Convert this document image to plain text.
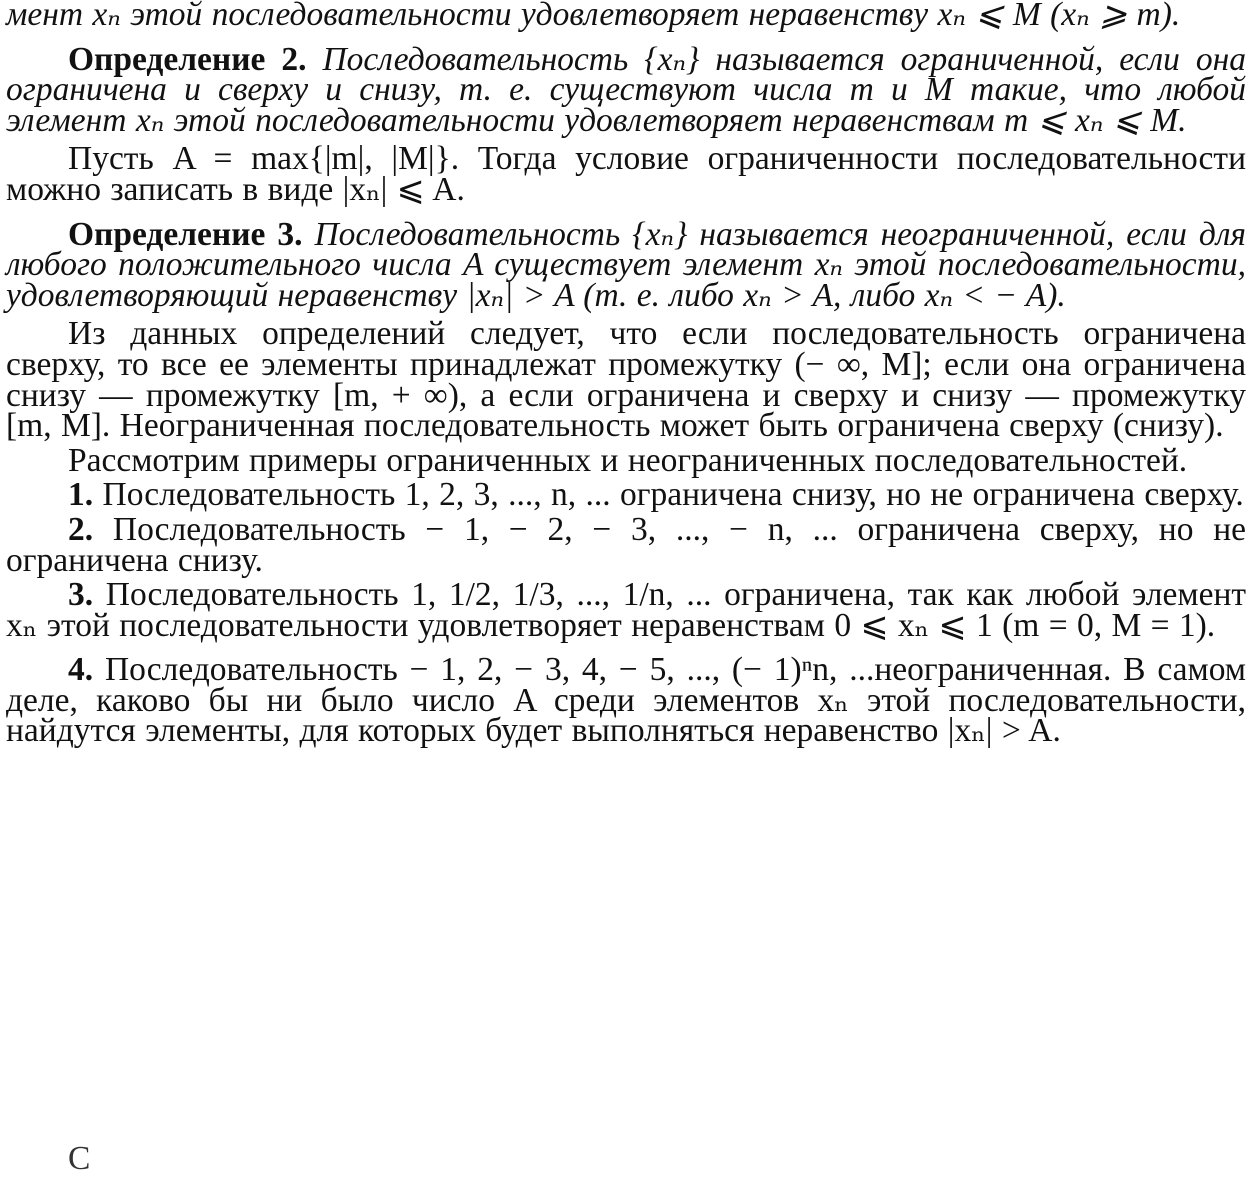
мент xₙ этой последовательности удовлетворяет неравенству xₙ ⩽ M (xₙ ⩾ m).

Определение 2. Последовательность {xₙ} называется ограниченной, если она ограничена и сверху и снизу, т. е. существуют числа m и M такие, что любой элемент xₙ этой последовательности удовлетворяет неравенствам m ⩽ xₙ ⩽ M.

Пусть A = max{|m|, |M|}. Тогда условие ограниченности последовательности можно записать в виде |xₙ| ⩽ A.

Определение 3. Последовательность {xₙ} называется неограниченной, если для любого положительного числа A существует элемент xₙ этой последовательности, удовлетворяющий неравенству |xₙ| > A (т. е. либо xₙ > A, либо xₙ < − A).

Из данных определений следует, что если последовательность ограничена сверху, то все ее элементы принадлежат промежутку (− ∞, M]; если она ограничена снизу — промежутку [m, + ∞), а если ограничена и сверху и снизу — промежутку [m, M]. Неограниченная последовательность может быть ограничена сверху (снизу).

Рассмотрим примеры ограниченных и неограниченных последовательностей.

1. Последовательность 1, 2, 3, ..., n, ... ограничена снизу, но не ограничена сверху.

2. Последовательность − 1, − 2, − 3, ..., − n, ... ограничена сверху, но не ограничена снизу.

3. Последовательность 1, 1/2, 1/3, ..., 1/n, ... ограничена, так как любой элемент xₙ этой последовательности удовлетворяет неравенствам 0 ⩽ xₙ ⩽ 1 (m = 0, M = 1).

4. Последовательность − 1, 2, − 3, 4, − 5, ..., (− 1)ⁿn, ...неограниченная. В самом деле, каково бы ни было число A среди элементов xₙ этой последовательности, найдутся элементы, для которых будет выполняться неравенство |xₙ| > A.

С
